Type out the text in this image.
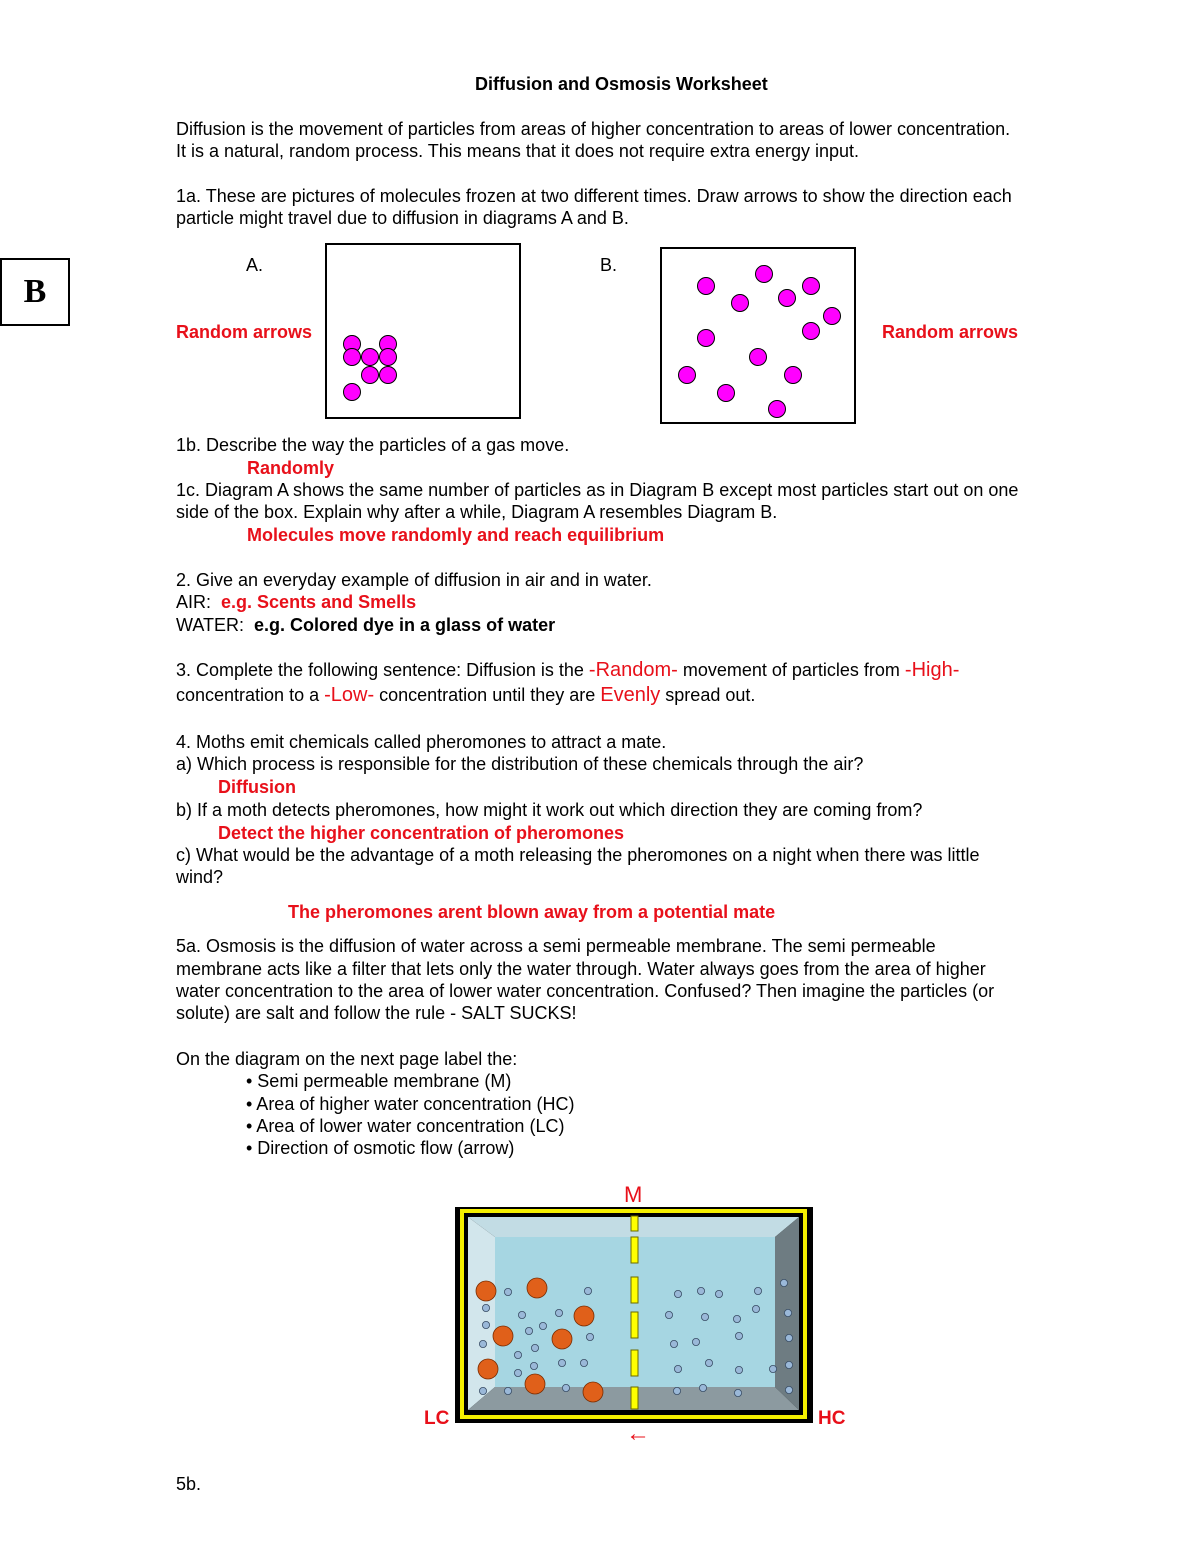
Diffusion and Osmosis Worksheet
B
Diffusion is the movement of particles from areas of higher concentration to areas of lower concentration.
It is a natural, random process. This means that it does not require extra energy input.
1a. These are pictures of molecules frozen at two different times. Draw arrows to show the direction each
particle might travel due to diffusion in diagrams A and B.
A.	B.
Random arrows	Random arrows
1b. Describe the way the particles of a gas move.
Randomly
1c. Diagram A shows the same number of particles as in Diagram B except most particles start out on one
side of the box. Explain why after a while, Diagram A resembles Diagram B.
Molecules move randomly and reach equilibrium
2. Give an everyday example of diffusion in air and in water.
AIR: e.g. Scents and Smells
WATER: e.g. Colored dye in a glass of water
3. Complete the following sentence: Diffusion is the -Random- movement of particles from -High-
concentration to a -Low- concentration until they are Evenly spread out.
4. Moths emit chemicals called pheromones to attract a mate.
a) Which process is responsible for the distribution of these chemicals through the air?
Diffusion
b) If a moth detects pheromones, how might it work out which direction they are coming from?
Detect the higher concentration of pheromones
c) What would be the advantage of a moth releasing the pheromones on a night when there was little
wind?
The pheromones arent blown away from a potential mate
5a. Osmosis is the diffusion of water across a semi permeable membrane. The semi permeable
membrane acts like a filter that lets only the water through. Water always goes from the area of higher
water concentration to the area of lower water concentration. Confused? Then imagine the particles (or
solute) are salt and follow the rule - SALT SUCKS!
On the diagram on the next page label the:
• Semi permeable membrane (M)
• Area of higher water concentration (HC)
• Area of lower water concentration (LC)
• Direction of osmotic flow (arrow)
M
LC	HC
←
5b.
